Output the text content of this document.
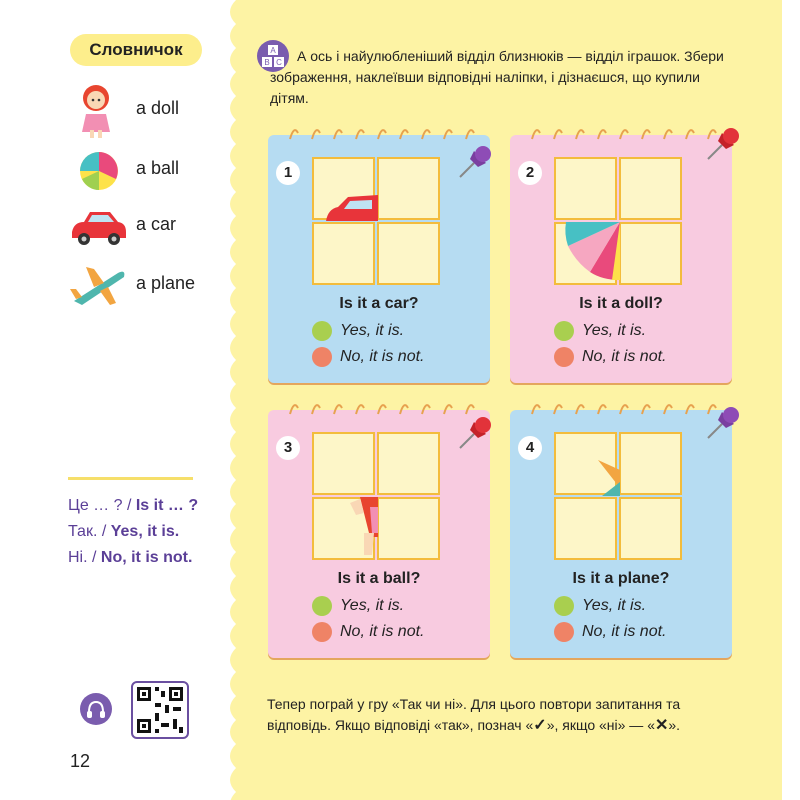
Словничок
a doll
a ball
a car
a plane
Це … ? / Is it … ?
Так. / Yes, it is.
Ні. / No, it is not.
12
A
B C	А ось і найулюбленіший відділ близнюків — відділ іграшок. Збери зображення, наклеївши відповідні наліпки, і дізнаєшся, що купили дітям.
1
Is it a car?
Yes, it is.
No, it is not.
2
Is it a doll?
Yes, it is.
No, it is not.
3
Is it a ball?
Yes, it is.
No, it is not.
4
Is it a plane?
Yes, it is.
No, it is not.
Тепер пограй у гру «Так чи ні». Для цього повтори запитання та відповідь. Якщо відповіді «так», познач «✓», якщо «ні» — «✕».
